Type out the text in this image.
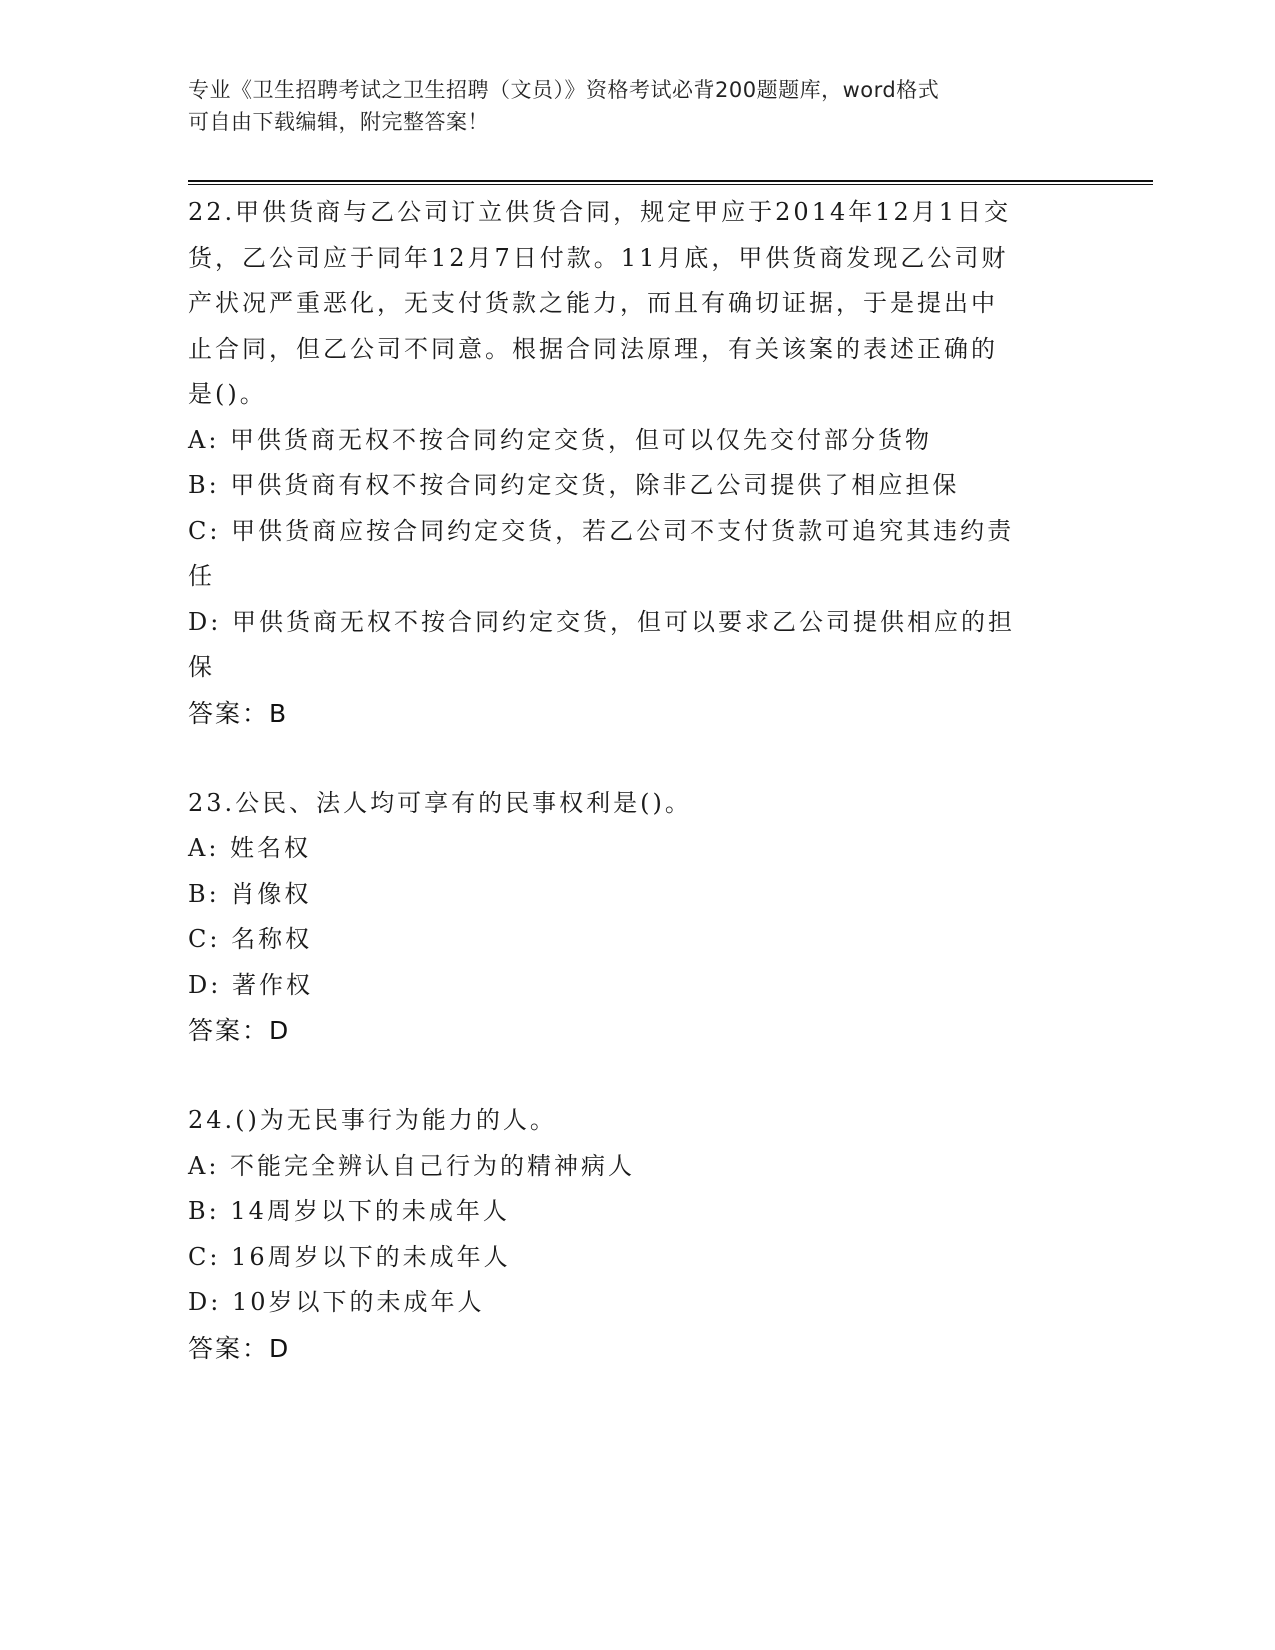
专业《卫生招聘考试之卫生招聘（文员）》资格考试必背200题题库，word格式
可自由下载编辑，附完整答案！

22.甲供货商与乙公司订立供货合同，规定甲应于2014年12月1日交

货，乙公司应于同年12月7日付款。11月底，甲供货商发现乙公司财

产状况严重恶化，无支付货款之能力，而且有确切证据，于是提出中

止合同，但乙公司不同意。根据合同法原理，有关该案的表述正确的

是()。

A: 甲供货商无权不按合同约定交货，但可以仅先交付部分货物

B: 甲供货商有权不按合同约定交货，除非乙公司提供了相应担保

C: 甲供货商应按合同约定交货，若乙公司不支付货款可追究其违约责

任

D: 甲供货商无权不按合同约定交货，但可以要求乙公司提供相应的担

保

答案：B

23.公民、法人均可享有的民事权利是()。

A: 姓名权

B: 肖像权

C: 名称权

D: 著作权

答案：D

24.()为无民事行为能力的人。

A: 不能完全辨认自己行为的精神病人

B: 14周岁以下的未成年人

C: 16周岁以下的未成年人

D: 10岁以下的未成年人

答案：D
